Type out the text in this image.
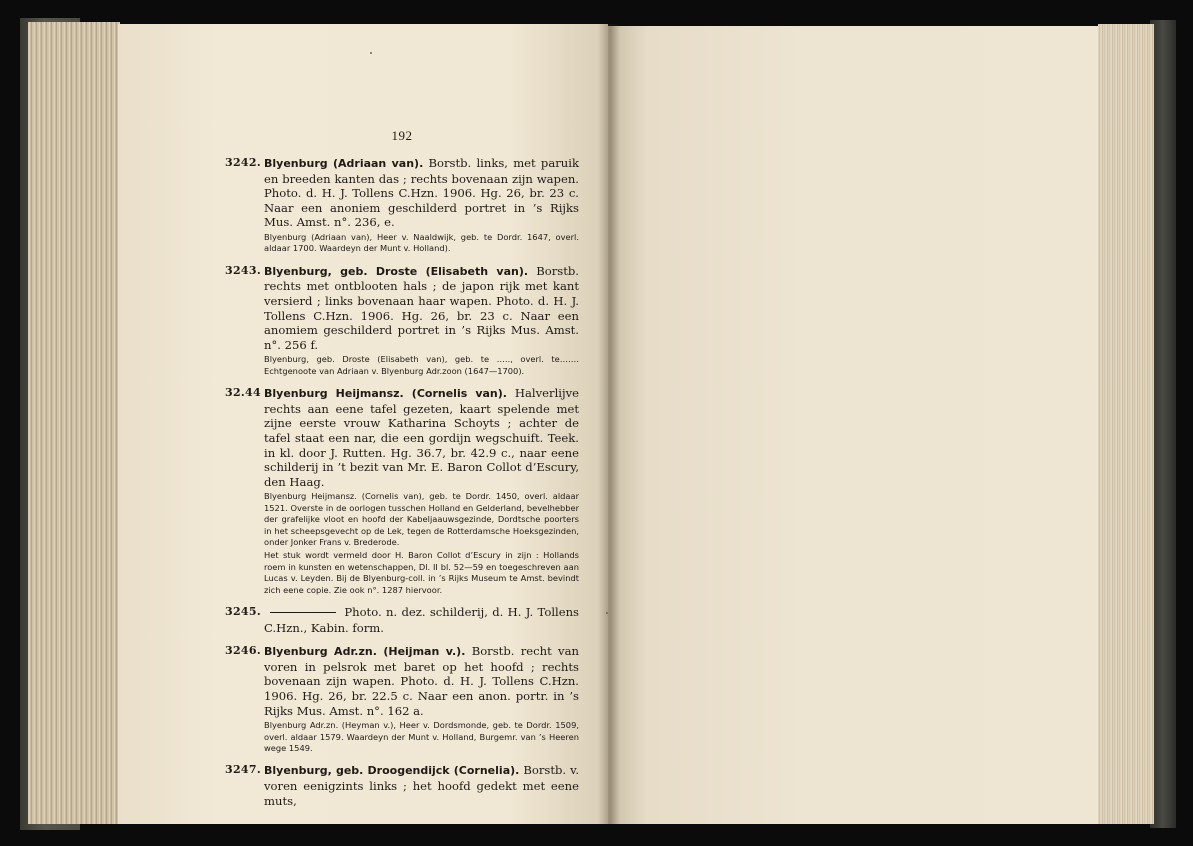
192
3242. Blyenburg (Adriaan van). Borstb. links, met paruik en breeden kanten das ; rechts bovenaan zijn wapen. Photo. d. H. J. Tollens C.Hzn. 1906. Hg. 26, br. 23 c. Naar een anoniem geschilderd portret in ’s Rijks Mus. Amst. n°. 236, e.
Blyenburg (Adriaan van), Heer v. Naaldwijk, geb. te Dordr. 1647, overl. aldaar 1700. Waardeyn der Munt v. Holland).
3243. Blyenburg, geb. Droste (Elisabeth van). Borstb. rechts met ontblooten hals ; de japon rijk met kant versierd ; links bovenaan haar wapen. Photo. d. H. J. Tollens C.Hzn. 1906. Hg. 26, br. 23 c. Naar een anomiem geschilderd portret in ’s Rijks Mus. Amst. n°. 256 f.
Blyenburg, geb. Droste (Elisabeth van), geb. te ….., overl. te……. Echtgenoote van Adriaan v. Blyenburg Adr.zoon (1647—1700).
32.44 Blyenburg Heijmansz. (Cornelis van). Halverlijve rechts aan eene tafel gezeten, kaart spelende met zijne eerste vrouw Katharina Schoyts ; achter de tafel staat een nar, die een gordijn wegschuift. Teek. in kl. door J. Rutten. Hg. 36.7, br. 42.9 c., naar eene schilderij in ’t bezit van Mr. E. Baron Collot d’Escury, den Haag.
Blyenburg Heijmansz. (Cornelis van), geb. te Dordr. 1450, overl. aldaar 1521. Overste in de oorlogen tusschen Holland en Gelderland, bevelhebber der grafelijke vloot en hoofd der Kabeljaauwsgezinde, Dordtsche poorters in het scheepsgevecht op de Lek, tegen de Rotterdamsche Hoeksgezinden, onder Jonker Frans v. Brederode.
Het stuk wordt vermeld door H. Baron Collot d’Escury in zijn : Hollands roem in kunsten en wetenschappen, Dl. II bl. 52—59 en toegeschreven aan Lucas v. Leyden. Bij de Blyenburg-coll. in ’s Rijks Museum te Amst. bevindt zich eene copie. Zie ook n°. 1287 hiervoor.
3245.	Photo. n. dez. schilderij, d. H. J. Tollens C.Hzn., Kabin. form.
3246. Blyenburg Adr.zn. (Heijman v.). Borstb. recht van voren in pelsrok met baret op het hoofd ; rechts bovenaan zijn wapen. Photo. d. H. J. Tollens C.Hzn. 1906. Hg. 26, br. 22.5 c. Naar een anon. portr. in ’s Rijks Mus. Amst. n°. 162 a.
Blyenburg Adr.zn. (Heyman v.), Heer v. Dordsmonde, geb. te Dordr. 1509, overl. aldaar 1579. Waardeyn der Munt v. Holland, Burgemr. van ’s Heeren wege 1549.
3247. Blyenburg, geb. Droogendijck (Cornelia). Borstb. v. voren eenigzints links ; het hoofd gedekt met eene muts,
